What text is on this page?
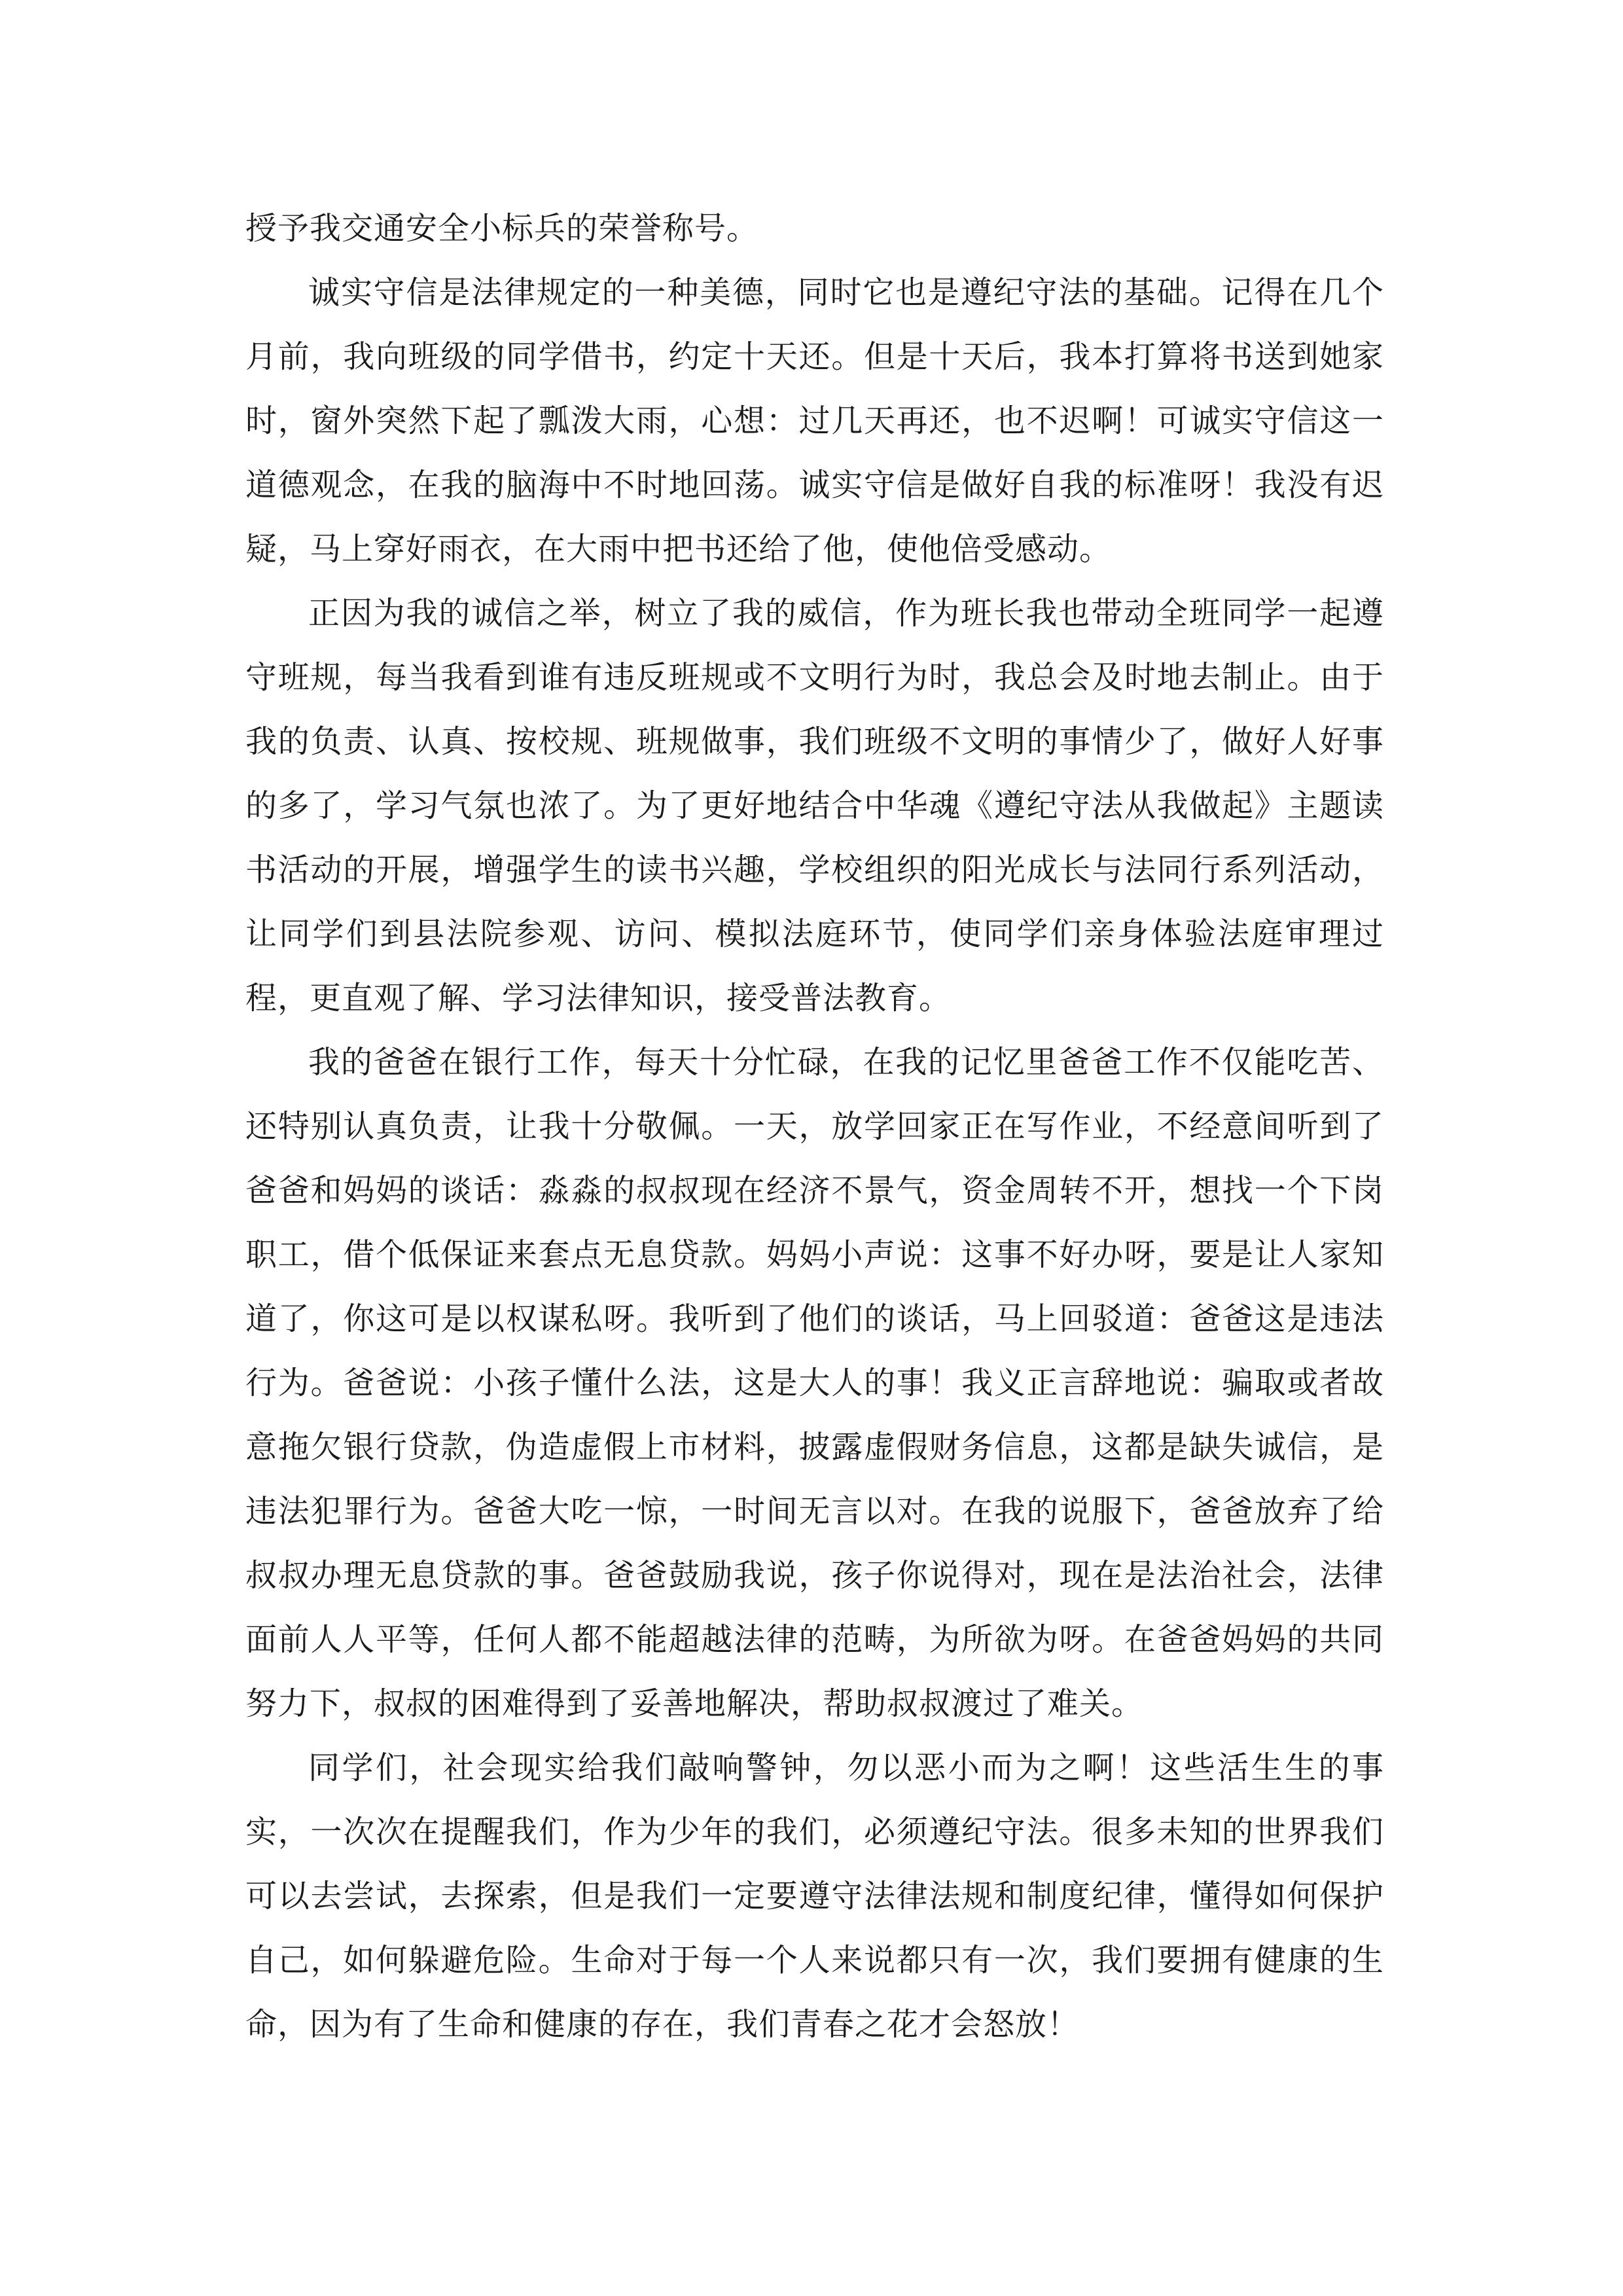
授予我交通安全小标兵的荣誉称号。

诚实守信是法律规定的一种美德，同时它也是遵纪守法的基础。记得在几个月前，我向班级的同学借书，约定十天还。但是十天后，我本打算将书送到她家时，窗外突然下起了瓢泼大雨，心想：过几天再还，也不迟啊！可诚实守信这一道德观念，在我的脑海中不时地回荡。诚实守信是做好自我的标准呀！我没有迟疑，马上穿好雨衣，在大雨中把书还给了他，使他倍受感动。

正因为我的诚信之举，树立了我的威信，作为班长我也带动全班同学一起遵守班规，每当我看到谁有违反班规或不文明行为时，我总会及时地去制止。由于我的负责、认真、按校规、班规做事，我们班级不文明的事情少了，做好人好事的多了，学习气氛也浓了。为了更好地结合中华魂《遵纪守法从我做起》主题读书活动的开展，增强学生的读书兴趣，学校组织的阳光成长与法同行系列活动，让同学们到县法院参观、访问、模拟法庭环节，使同学们亲身体验法庭审理过程，更直观了解、学习法律知识，接受普法教育。

我的爸爸在银行工作，每天十分忙碌，在我的记忆里爸爸工作不仅能吃苦、还特别认真负责，让我十分敬佩。一天，放学回家正在写作业，不经意间听到了爸爸和妈妈的谈话：淼淼的叔叔现在经济不景气，资金周转不开，想找一个下岗职工，借个低保证来套点无息贷款。妈妈小声说：这事不好办呀，要是让人家知道了，你这可是以权谋私呀。我听到了他们的谈话，马上回驳道：爸爸这是违法行为。爸爸说：小孩子懂什么法，这是大人的事！我义正言辞地说：骗取或者故意拖欠银行贷款，伪造虚假上市材料，披露虚假财务信息，这都是缺失诚信，是违法犯罪行为。爸爸大吃一惊，一时间无言以对。在我的说服下，爸爸放弃了给叔叔办理无息贷款的事。爸爸鼓励我说，孩子你说得对，现在是法治社会，法律面前人人平等，任何人都不能超越法律的范畴，为所欲为呀。在爸爸妈妈的共同努力下，叔叔的困难得到了妥善地解决，帮助叔叔渡过了难关。

同学们，社会现实给我们敲响警钟，勿以恶小而为之啊！这些活生生的事实，一次次在提醒我们，作为少年的我们，必须遵纪守法。很多未知的世界我们可以去尝试，去探索，但是我们一定要遵守法律法规和制度纪律，懂得如何保护自己，如何躲避危险。生命对于每一个人来说都只有一次，我们要拥有健康的生命，因为有了生命和健康的存在，我们青春之花才会怒放！
